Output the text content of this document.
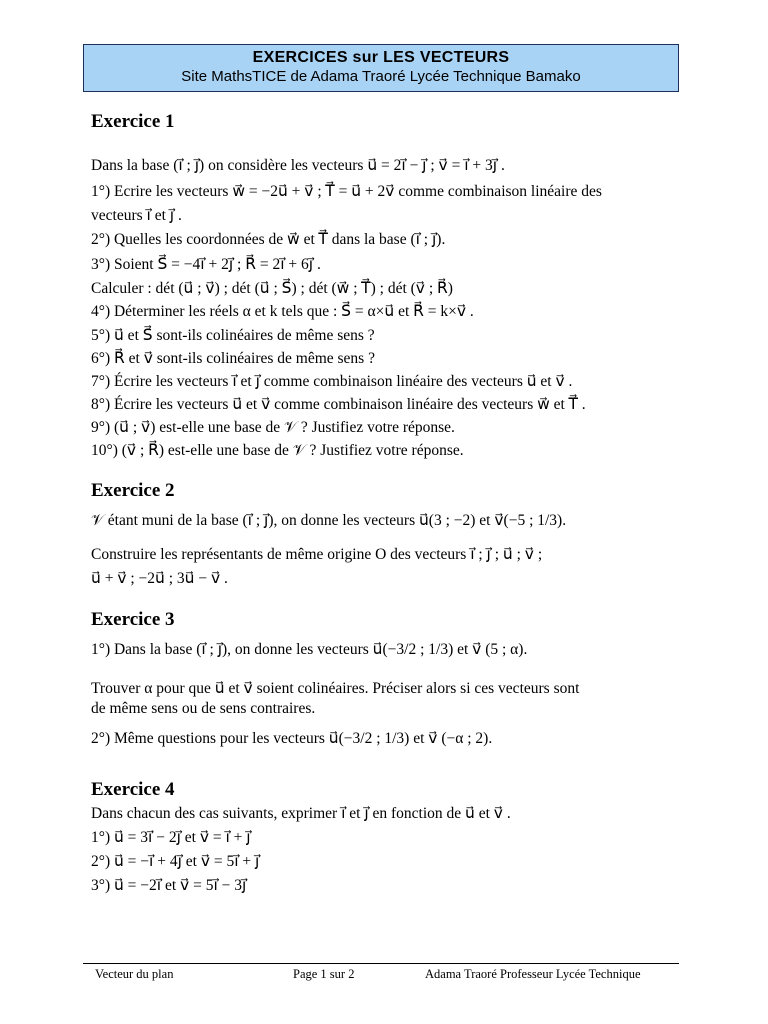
EXERCICES sur LES VECTEURS
Site MathsTICE de Adama Traoré Lycée Technique Bamako
Exercice 1
Dans la base (i⃗ ; j⃗) on considère les vecteurs u⃗ = 2i⃗ − j⃗ ; v⃗ = i⃗ + 3j⃗ .
1°) Ecrire les vecteurs w⃗ = −2u⃗ + v⃗ ; T⃗ = u⃗ + 2v⃗ comme combinaison linéaire des
vecteurs i⃗ et j⃗ .
2°) Quelles les coordonnées de w⃗ et T⃗ dans la base (i⃗ ; j⃗).
3°) Soient S⃗ = −4i⃗ + 2j⃗ ; R⃗ = 2i⃗ + 6j⃗ .
Calculer : dét (u⃗ ; v⃗) ; dét (u⃗ ; S⃗) ; dét (w⃗ ; T⃗) ; dét (v⃗ ; R⃗)
4°) Déterminer les réels α et k tels que : S⃗ = α×u⃗ et R⃗ = k×v⃗ .
5°) u⃗ et S⃗ sont-ils colinéaires de même sens ?
6°) R⃗ et v⃗ sont-ils colinéaires de même sens ?
7°) Écrire les vecteurs i⃗ et j⃗ comme combinaison linéaire des vecteurs u⃗ et v⃗ .
8°) Écrire les vecteurs u⃗ et v⃗ comme combinaison linéaire des vecteurs w⃗ et T⃗ .
9°) (u⃗ ; v⃗) est-elle une base de 𝒱 ? Justifiez votre réponse.
10°) (v⃗ ; R⃗) est-elle une base de 𝒱 ? Justifiez votre réponse.
Exercice 2
𝒱 étant muni de la base (i⃗ ; j⃗), on donne les vecteurs u⃗(3 ; −2) et v⃗(−5 ; 1/3).
Construire les représentants de même origine O des vecteurs i⃗ ; j⃗ ; u⃗ ; v⃗ ;
u⃗ + v⃗ ; −2u⃗ ; 3u⃗ − v⃗ .
Exercice 3
1°) Dans la base (i⃗ ; j⃗), on donne les vecteurs u⃗(−3/2 ; 1/3) et v⃗ (5 ; α).
Trouver α pour que u⃗ et v⃗ soient colinéaires. Préciser alors si ces vecteurs sont
de même sens ou de sens contraires.
2°) Même questions pour les vecteurs u⃗(−3/2 ; 1/3) et v⃗ (−α ; 2).
Exercice 4
Dans chacun des cas suivants, exprimer i⃗ et j⃗ en fonction de u⃗ et v⃗ .
1°) u⃗ = 3i⃗ − 2j⃗ et v⃗ = i⃗ + j⃗
2°) u⃗ = −i⃗ + 4j⃗ et v⃗ = 5i⃗ + j⃗
3°) u⃗ = −2i⃗ et v⃗ = 5i⃗ − 3j⃗
Vecteur du plan	Page 1 sur 2	Adama Traoré Professeur Lycée Technique
